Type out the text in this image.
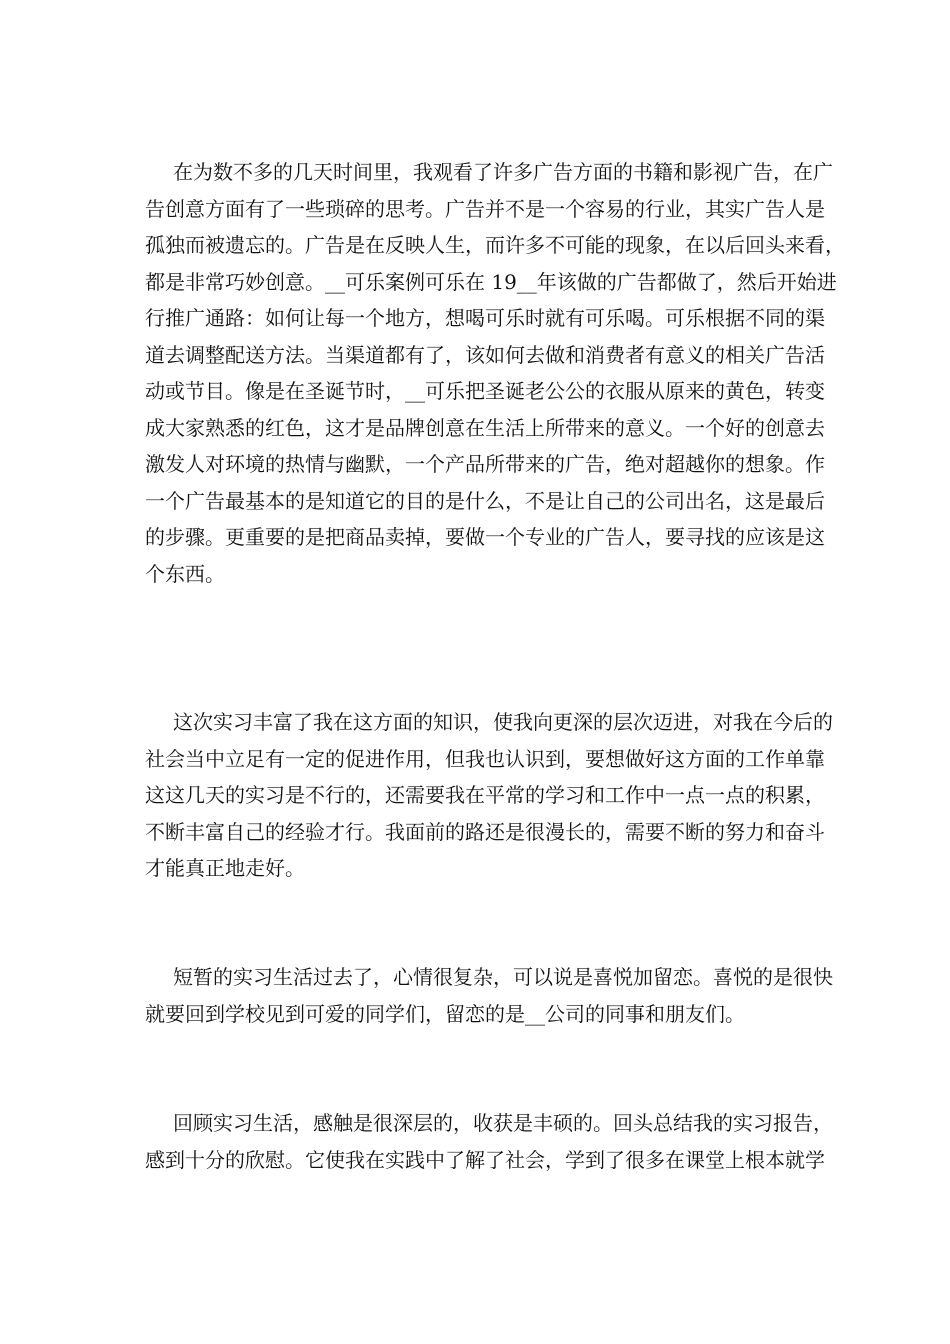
在为数不多的几天时间里，我观看了许多广告方面的书籍和影视广告，在广
告创意方面有了一些琐碎的思考。广告并不是一个容易的行业，其实广告人是
孤独而被遗忘的。广告是在反映人生，而许多不可能的现象，在以后回头来看，
都是非常巧妙创意。__可乐案例可乐在 19__年该做的广告都做了，然后开始进
行推广通路：如何让每一个地方，想喝可乐时就有可乐喝。可乐根据不同的渠
道去调整配送方法。当渠道都有了，该如何去做和消费者有意义的相关广告活
动或节目。像是在圣诞节时，__可乐把圣诞老公公的衣服从原来的黄色，转变
成大家熟悉的红色，这才是品牌创意在生活上所带来的意义。一个好的创意去
激发人对环境的热情与幽默，一个产品所带来的广告，绝对超越你的想象。作
一个广告最基本的是知道它的目的是什么，不是让自己的公司出名，这是最后
的步骤。更重要的是把商品卖掉，要做一个专业的广告人，要寻找的应该是这
个东西。
这次实习丰富了我在这方面的知识，使我向更深的层次迈进，对我在今后的
社会当中立足有一定的促进作用，但我也认识到，要想做好这方面的工作单靠
这这几天的实习是不行的，还需要我在平常的学习和工作中一点一点的积累，
不断丰富自己的经验才行。我面前的路还是很漫长的，需要不断的努力和奋斗
才能真正地走好。
短暂的实习生活过去了，心情很复杂，可以说是喜悦加留恋。喜悦的是很快
就要回到学校见到可爱的同学们，留恋的是__公司的同事和朋友们。
回顾实习生活，感触是很深层的，收获是丰硕的。回头总结我的实习报告，
感到十分的欣慰。它使我在实践中了解了社会，学到了很多在课堂上根本就学
